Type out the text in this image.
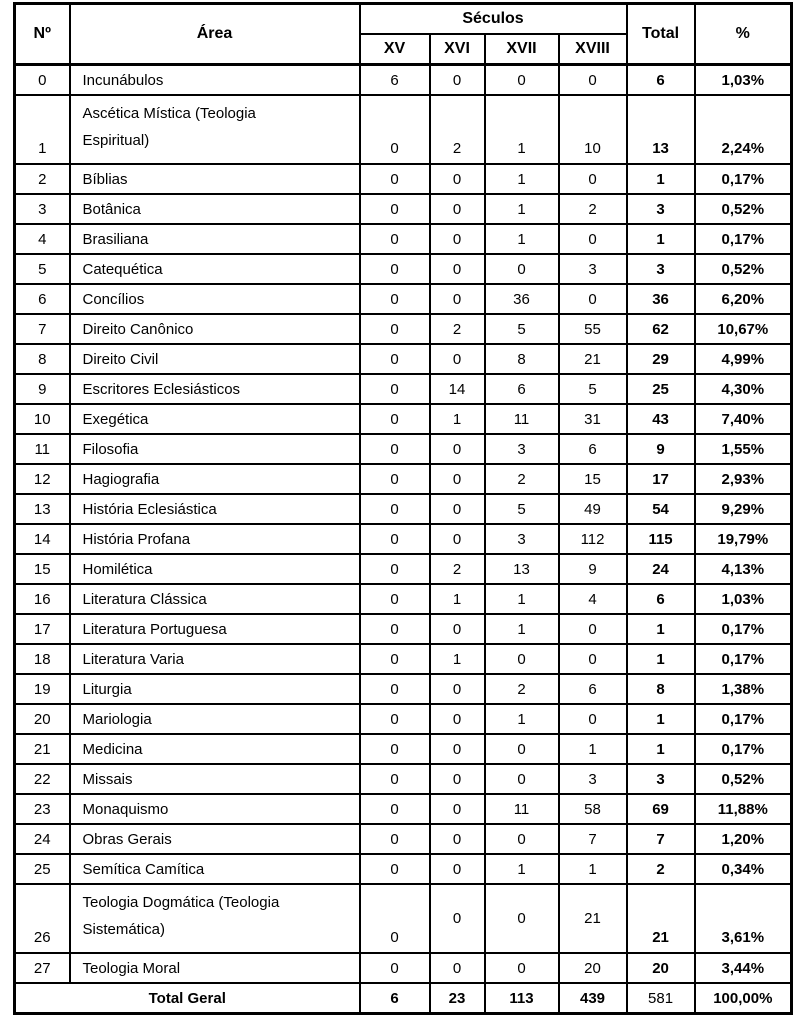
Nº	Área	Séculos				Total	%
		XV	XVI	XVII	XVIII		
0	Incunábulos	6	0	0	0	6	1,03%
1	Ascética Mística (Teologia
Espiritual)	0	2	1	10	13	2,24%
2	Bíblias	0	0	1	0	1	0,17%
3	Botânica	0	0	1	2	3	0,52%
4	Brasiliana	0	0	1	0	1	0,17%
5	Catequética	0	0	0	3	3	0,52%
6	Concílios	0	0	36	0	36	6,20%
7	Direito Canônico	0	2	5	55	62	10,67%
8	Direito Civil	0	0	8	21	29	4,99%
9	Escritores Eclesiásticos	0	14	6	5	25	4,30%
10	Exegética	0	1	11	31	43	7,40%
11	Filosofia	0	0	3	6	9	1,55%
12	Hagiografia	0	0	2	15	17	2,93%
13	História Eclesiástica	0	0	5	49	54	9,29%
14	História Profana	0	0	3	112	115	19,79%
15	Homilética	0	2	13	9	24	4,13%
16	Literatura Clássica	0	1	1	4	6	1,03%
17	Literatura Portuguesa	0	0	1	0	1	0,17%
18	Literatura Varia	0	1	0	0	1	0,17%
19	Liturgia	0	0	2	6	8	1,38%
20	Mariologia	0	0	1	0	1	0,17%
21	Medicina	0	0	0	1	1	0,17%
22	Missais	0	0	0	3	3	0,52%
23	Monaquismo	0	0	11	58	69	11,88%
24	Obras Gerais	0	0	0	7	7	1,20%
25	Semítica Camítica	0	0	1	1	2	0,34%
26	Teologia Dogmática (Teologia
Sistemática)	0	0	0	21	21	3,61%
27	Teologia Moral	0	0	0	20	20	3,44%
Total Geral		6	23	113	439	581	100,00%
